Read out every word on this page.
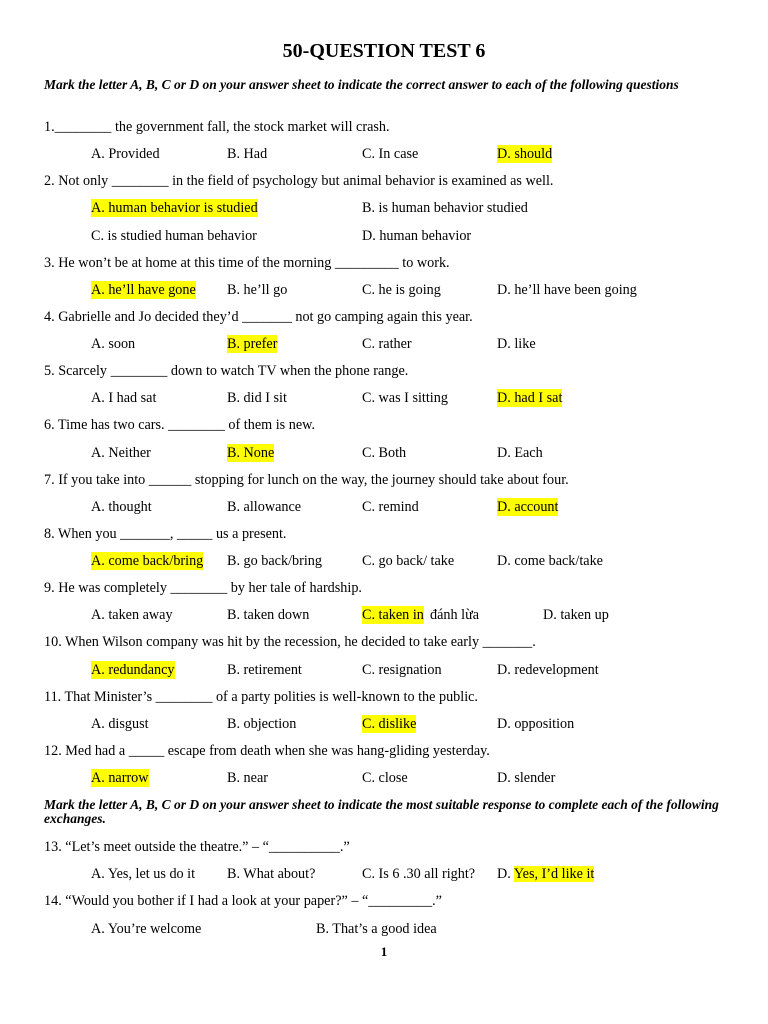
50-QUESTION TEST 6
Mark the letter A, B, C or D on your answer sheet to indicate the correct answer to each of the following questions
1.________ the government fall, the stock market will crash.
A. Provided	B. Had	C. In case	D. should
2. Not only ________ in the field of psychology but animal behavior is examined as well.
A. human behavior is studied	B. is human behavior studied
C. is studied human behavior	D. human behavior
3. He won’t be at home at this time of the morning _________ to work.
A. he’ll have gone B. he’ll go	C. he is going	D. he’ll have been going
4. Gabrielle and Jo decided they’d _______ not go camping again this year.
A. soon	B. prefer	C. rather	D. like
5. Scarcely ________ down to watch TV when the phone range.
A. I had sat	B. did I sit	C. was I sitting	D. had I sat
6. Time has two cars. ________ of them is new.
A. Neither	B. None	C. Both	D. Each
7. If you take into ______ stopping for lunch on the way, the journey should take about four.
A. thought	B. allowance	C. remind	D. account
8. When you _______, _____ us a present.
A. come back/bring B. go back/bring	C. go back/ take	D. come back/take
9. He was completely ________ by her tale of hardship.
A. taken away	B. taken down	C. taken in đánh lừa	D. taken up
10. When Wilson company was hit by the recession, he decided to take early _______.
A. redundancy	B. retirement	C. resignation	D. redevelopment
11. That Minister’s ________ of a party polities is well-known to the public.
A. disgust	B. objection	C. dislike	D. opposition
12. Med had a _____ escape from death when she was hang-gliding yesterday.
A. narrow	B. near	C. close	D. slender
Mark the letter A, B, C or D on your answer sheet to indicate the most suitable response to complete each of the following exchanges.
13. “Let’s meet outside the theatre.” – “__________.”
A. Yes, let us do it B. What about?	C. Is 6 .30 all right? D. Yes, I’d like it
14. “Would you bother if I had a look at your paper?” – “_________.”
A. You’re welcome	B. That’s a good idea
1
